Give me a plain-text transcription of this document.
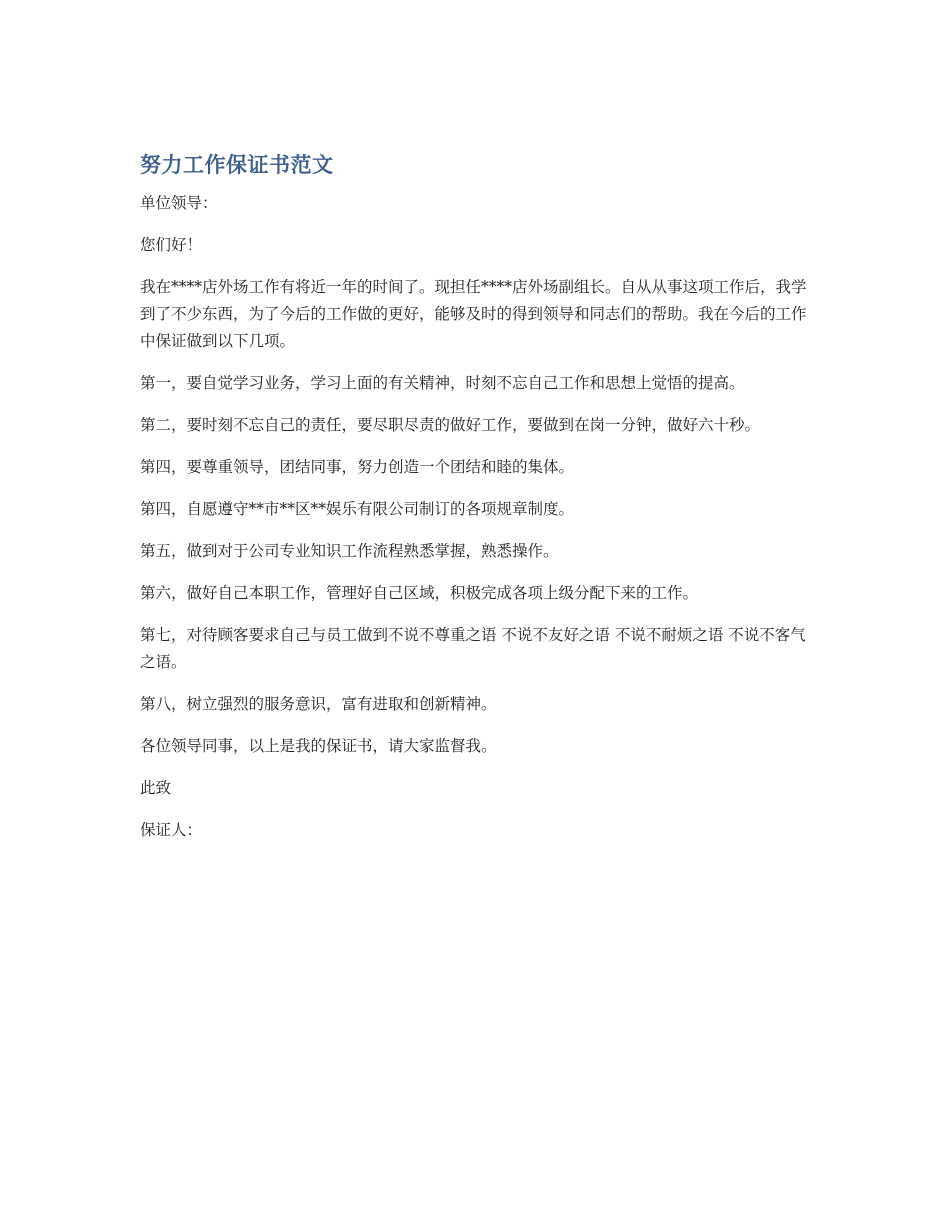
努力工作保证书范文

单位领导：

您们好！

我在****店外场工作有将近一年的时间了。现担任****店外场副组长。自从从事这项工作后，我学到了不少东西，为了今后的工作做的更好，能够及时的得到领导和同志们的帮助。我在今后的工作中保证做到以下几项。

第一，要自觉学习业务，学习上面的有关精神，时刻不忘自己工作和思想上觉悟的提高。

第二，要时刻不忘自己的责任，要尽职尽责的做好工作，要做到在岗一分钟，做好六十秒。

第四，要尊重领导，团结同事，努力创造一个团结和睦的集体。

第四，自愿遵守**市**区**娱乐有限公司制订的各项规章制度。

第五，做到对于公司专业知识工作流程熟悉掌握，熟悉操作。

第六，做好自己本职工作，管理好自己区域，积极完成各项上级分配下来的工作。

第七，对待顾客要求自己与员工做到不说不尊重之语 不说不友好之语 不说不耐烦之语 不说不客气之语。

第八，树立强烈的服务意识，富有进取和创新精神。

各位领导同事，以上是我的保证书，请大家监督我。

此致

保证人：
